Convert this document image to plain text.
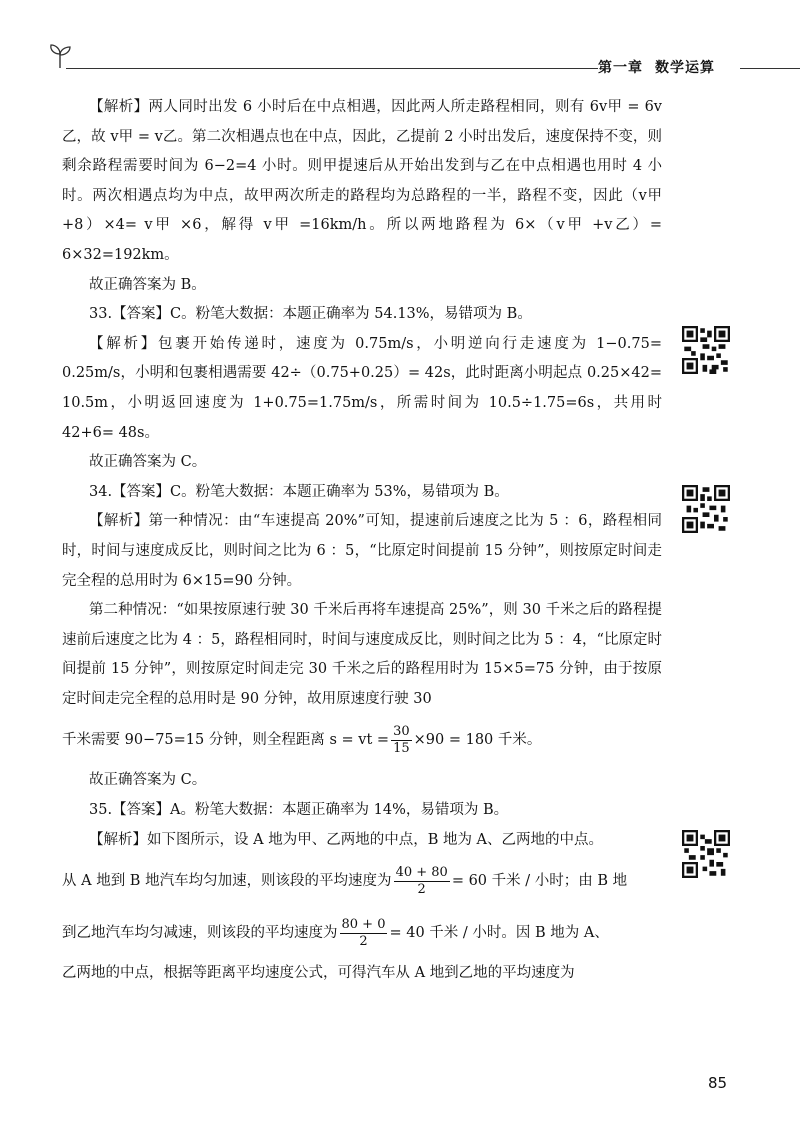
第一章 数学运算

【解析】两人同时出发 6 小时后在中点相遇，因此两人所走路程相同，则有 6v甲 = 6v乙，故 v甲 = v乙。第二次相遇点也在中点，因此，乙提前 2 小时出发后，速度保持不变，则剩余路程需要时间为 6−2=4 小时。则甲提速后从开始出发到与乙在中点相遇也用时 4 小时。两次相遇点均为中点，故甲两次所走的路程均为总路程的一半，路程不变，因此（v甲 +8）×4= v甲 ×6，解得 v甲 =16km/h。所以两地路程为 6×（v甲 +v乙）= 6×32=192km。

故正确答案为 B。

33.【答案】C。粉笔大数据：本题正确率为 54.13%，易错项为 B。

【解析】包裹开始传递时，速度为 0.75m/s，小明逆向行走速度为 1−0.75= 0.25m/s，小明和包裹相遇需要 42÷（0.75+0.25）= 42s，此时距离小明起点 0.25×42= 10.5m，小明返回速度为 1+0.75=1.75m/s，所需时间为 10.5÷1.75=6s，共用时 42+6= 48s。

故正确答案为 C。

34.【答案】C。粉笔大数据：本题正确率为 53%，易错项为 B。

【解析】第一种情况：由“车速提高 20%”可知，提速前后速度之比为 5 ：6，路程相同时，时间与速度成反比，则时间之比为 6 ：5，“比原定时间提前 15 分钟”，则按原定时间走完全程的总用时为 6×15=90 分钟。

第二种情况：“如果按原速行驶 30 千米后再将车速提高 25%”，则 30 千米之后的路程提速前后速度之比为 4 ：5，路程相同时，时间与速度成反比，则时间之比为 5 ：4，“比原定时间提前 15 分钟”，则按原定时间走完 30 千米之后的路程用时为 15×5=75 分钟，由于按原定时间走完全程的总用时是 90 分钟，故用原速度行驶 30

千米需要 90−75=15 分钟，则全程距离 s = vt = $\frac{30}{15} \times 90 = 180$ 千米。

故正确答案为 C。

35.【答案】A。粉笔大数据：本题正确率为 14%，易错项为 B。

【解析】如下图所示，设 A 地为甲、乙两地的中点，B 地为 A、乙两地的中点。

从 A 地到 B 地汽车均匀加速，则该段的平均速度为 $\frac{40 + 80}{2} = 60$ 千米 / 小时；由 B 地

到乙地汽车均匀减速，则该段的平均速度为 $\frac{80 + 0}{2} = 40$ 千米 / 小时。因 B 地为 A、

乙两地的中点，根据等距离平均速度公式，可得汽车从 A 地到乙地的平均速度为

85
